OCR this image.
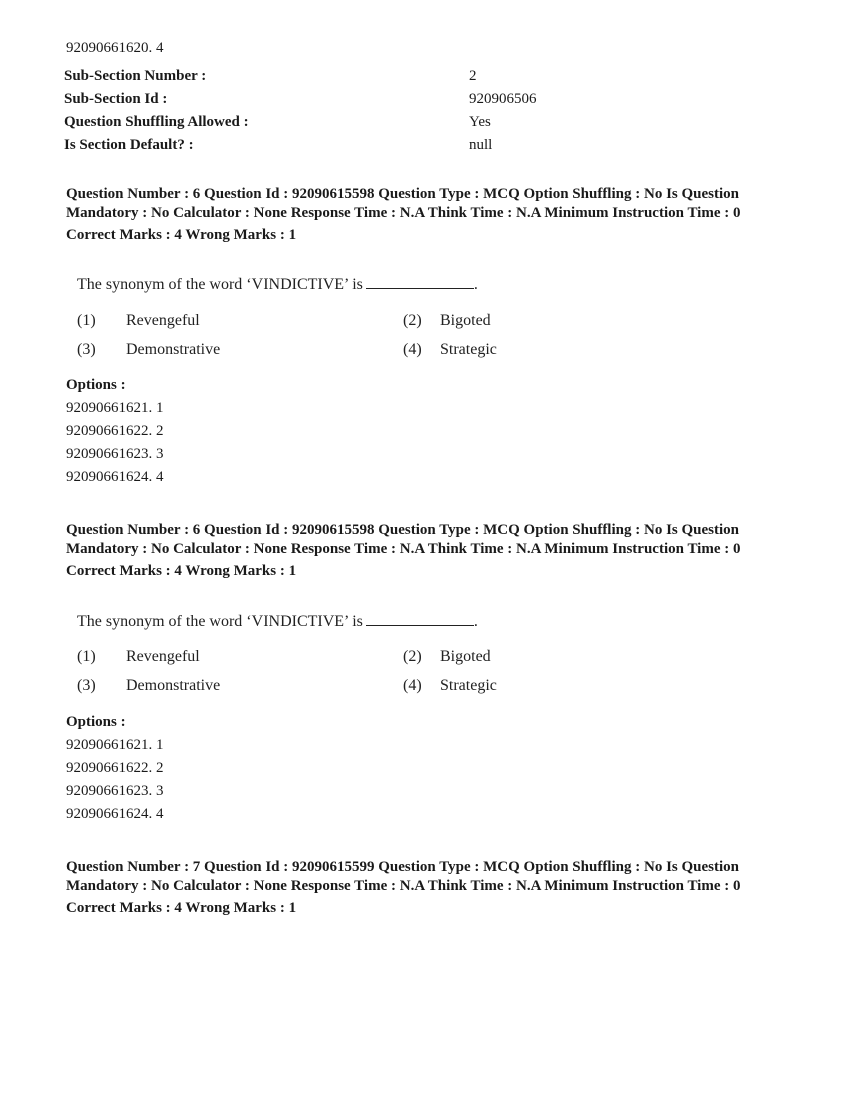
92090661620. 4
Sub-Section Number :	2
Sub-Section Id :	920906506
Question Shuffling Allowed :	Yes
Is Section Default? :	null

Question Number : 6 Question Id : 92090615598 Question Type : MCQ Option Shuffling : No Is Question Mandatory : No Calculator : None Response Time : N.A Think Time : N.A Minimum Instruction Time : 0

Correct Marks : 4 Wrong Marks : 1
The synonym of the word ‘VINDICTIVE’ is	.
(1) Revengeful	(2) Bigoted
(3) Demonstrative	(4) Strategic
Options :
92090661621. 1
92090661622. 2
92090661623. 3
92090661624. 4

Question Number : 6 Question Id : 92090615598 Question Type : MCQ Option Shuffling : No Is Question Mandatory : No Calculator : None Response Time : N.A Think Time : N.A Minimum Instruction Time : 0

Correct Marks : 4 Wrong Marks : 1
The synonym of the word ‘VINDICTIVE’ is	.
(1) Revengeful	(2) Bigoted
(3) Demonstrative	(4) Strategic
Options :
92090661621. 1
92090661622. 2
92090661623. 3
92090661624. 4

Question Number : 7 Question Id : 92090615599 Question Type : MCQ Option Shuffling : No Is Question Mandatory : No Calculator : None Response Time : N.A Think Time : N.A Minimum Instruction Time : 0

Correct Marks : 4 Wrong Marks : 1
